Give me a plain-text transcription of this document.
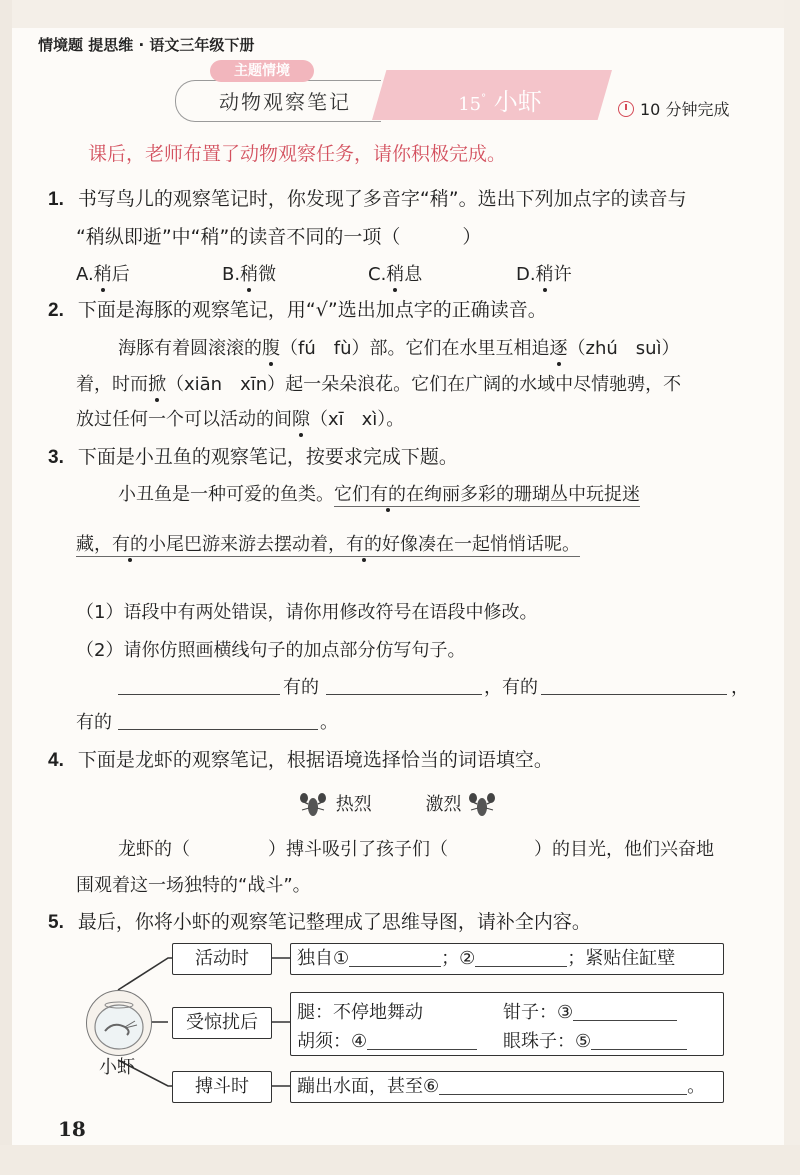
情境题 提思维 · 语文三年级下册
主题情境
动物观察笔记	15° 小虾	10 分钟完成
课后，老师布置了动物观察任务，请你积极完成。
1. 书写鸟儿的观察笔记时，你发现了多音字“稍”。选出下列加点字的读音与
“稍纵即逝”中“稍”的读音不同的一项（	）
A.稍后	B.稍微	C.稍息	D.稍许
2. 下面是海豚的观察笔记，用“√”选出加点字的正确读音。
海豚有着圆滚滚的腹（fú　fù）部。它们在水里互相追逐（zhú　suì）
着，时而掀（xiān　xīn）起一朵朵浪花。它们在广阔的水域中尽情驰骋，不
放过任何一个可以活动的间隙（xī　xì）。
3. 下面是小丑鱼的观察笔记，按要求完成下题。
小丑鱼是一种可爱的鱼类。它们有的在绚丽多彩的珊瑚丛中玩捉迷
藏，有的小尾巴游来游去摆动着，有的好像凑在一起悄悄话呢。
（1）语段中有两处错误，请你用修改符号在语段中修改。
（2）请你仿照画横线句子的加点部分仿写句子。
有的	，有的	，
有的	。
4. 下面是龙虾的观察笔记，根据语境选择恰当的词语填空。
热烈	激烈
龙虾的（	）搏斗吸引了孩子们（	）的目光，他们兴奋地
围观着这一场独特的“战斗”。
5. 最后，你将小虾的观察笔记整理成了思维导图，请补全内容。
小虾
活动时	独自①	；②	；紧贴住缸壁
受惊扰后	腿：不停地舞动	钳子：③
胡须：④	眼珠子：⑤
搏斗时	蹦出水面，甚至⑥	。
18
